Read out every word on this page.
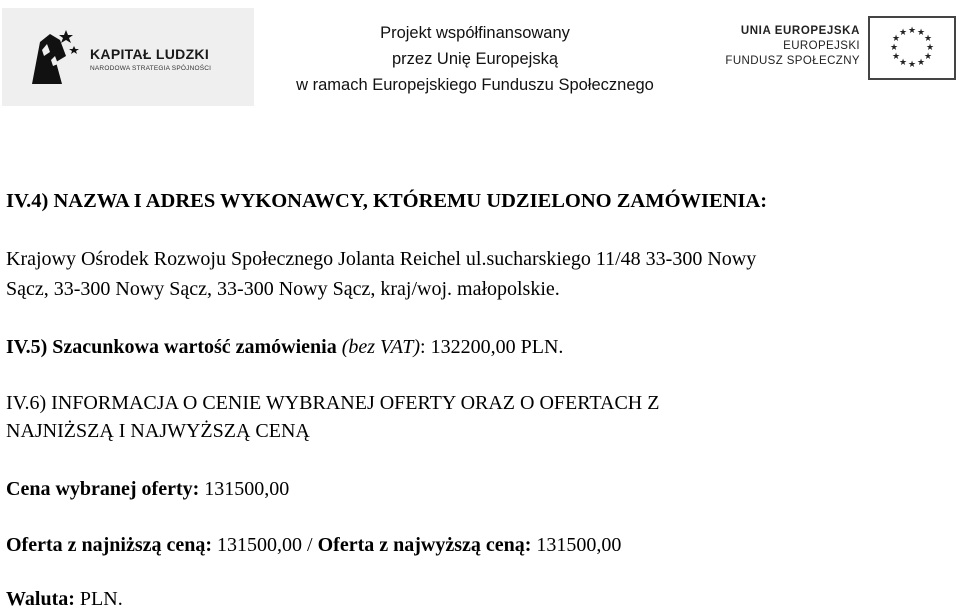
KAPITAŁ LUDZKI
NARODOWA STRATEGIA SPÓJNOŚCI
Projekt współfinansowany
przez Unię Europejską
w ramach Europejskiego Funduszu Społecznego
UNIA EUROPEJSKA
EUROPEJSKI
FUNDUSZ SPOŁECZNY
★ ★
★
★
★
★
★
★
★
★
★
★
IV.4) NAZWA I ADRES WYKONAWCY, KTÓREMU UDZIELONO ZAMÓWIENIA:
Krajowy Ośrodek Rozwoju Społecznego Jolanta Reichel ul.sucharskiego 11/48 33-300 Nowy
Sącz, 33-300 Nowy Sącz, 33-300 Nowy Sącz, kraj/woj. małopolskie.
IV.5) Szacunkowa wartość zamówienia (bez VAT): 132200,00 PLN.
IV.6) INFORMACJA O CENIE WYBRANEJ OFERTY ORAZ O OFERTACH Z
NAJNIŻSZĄ I NAJWYŻSZĄ CENĄ
Cena wybranej oferty: 131500,00
Oferta z najniższą ceną: 131500,00 / Oferta z najwyższą ceną: 131500,00
Waluta: PLN.
